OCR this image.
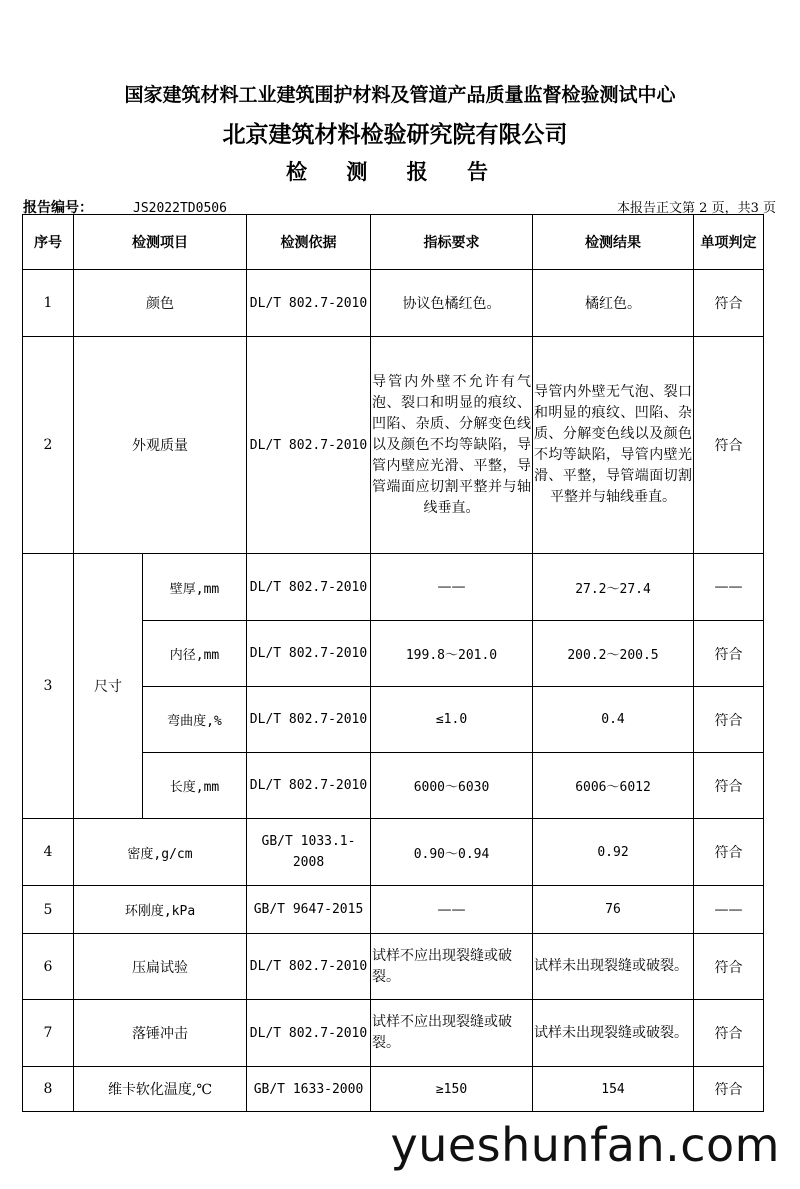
国家建筑材料工业建筑围护材料及管道产品质量监督检验测试中心
北京建筑材料检验研究院有限公司
检 测 报 告
报告编号：	JS2022TD0506	本报告正文第 2 页，共3 页
序号	检测项目		检测依据	指标要求	检测结果	单项判定
1	颜色		DL/T 802.7-2010	协议色橘红色。	橘红色。	符合
2	外观质量		DL/T 802.7-2010	导管内外壁不允许有气泡、裂口和明显的痕纹、凹陷、杂质、分解变色线以及颜色不均等缺陷，导管内壁应光滑、平整，导管端面应切割平整并与轴线垂直。	导管内外壁无气泡、裂口和明显的痕纹、凹陷、杂质、分解变色线以及颜色不均等缺陷，导管内壁光滑、平整，导管端面切割平整并与轴线垂直。	符合
3	尺寸	壁厚,mm	DL/T 802.7-2010	——	27.2～27.4	——
		内径,mm	DL/T 802.7-2010	199.8～201.0	200.2～200.5	符合
		弯曲度,%	DL/T 802.7-2010	≤1.0	0.4	符合
		长度,mm	DL/T 802.7-2010	6000～6030	6006～6012	符合
4	密度,g/cm		GB/T 1033.1-2008	0.90～0.94	0.92	符合
5	环刚度,kPa		GB/T 9647-2015	——	76	——
6	压扁试验		DL/T 802.7-2010	试样不应出现裂缝或破裂。	试样未出现裂缝或破裂。	符合
7	落锤冲击		DL/T 802.7-2010	试样不应出现裂缝或破裂。	试样未出现裂缝或破裂。	符合
8	维卡软化温度,℃		GB/T 1633-2000	≥150	154	符合
yueshunfan.com
